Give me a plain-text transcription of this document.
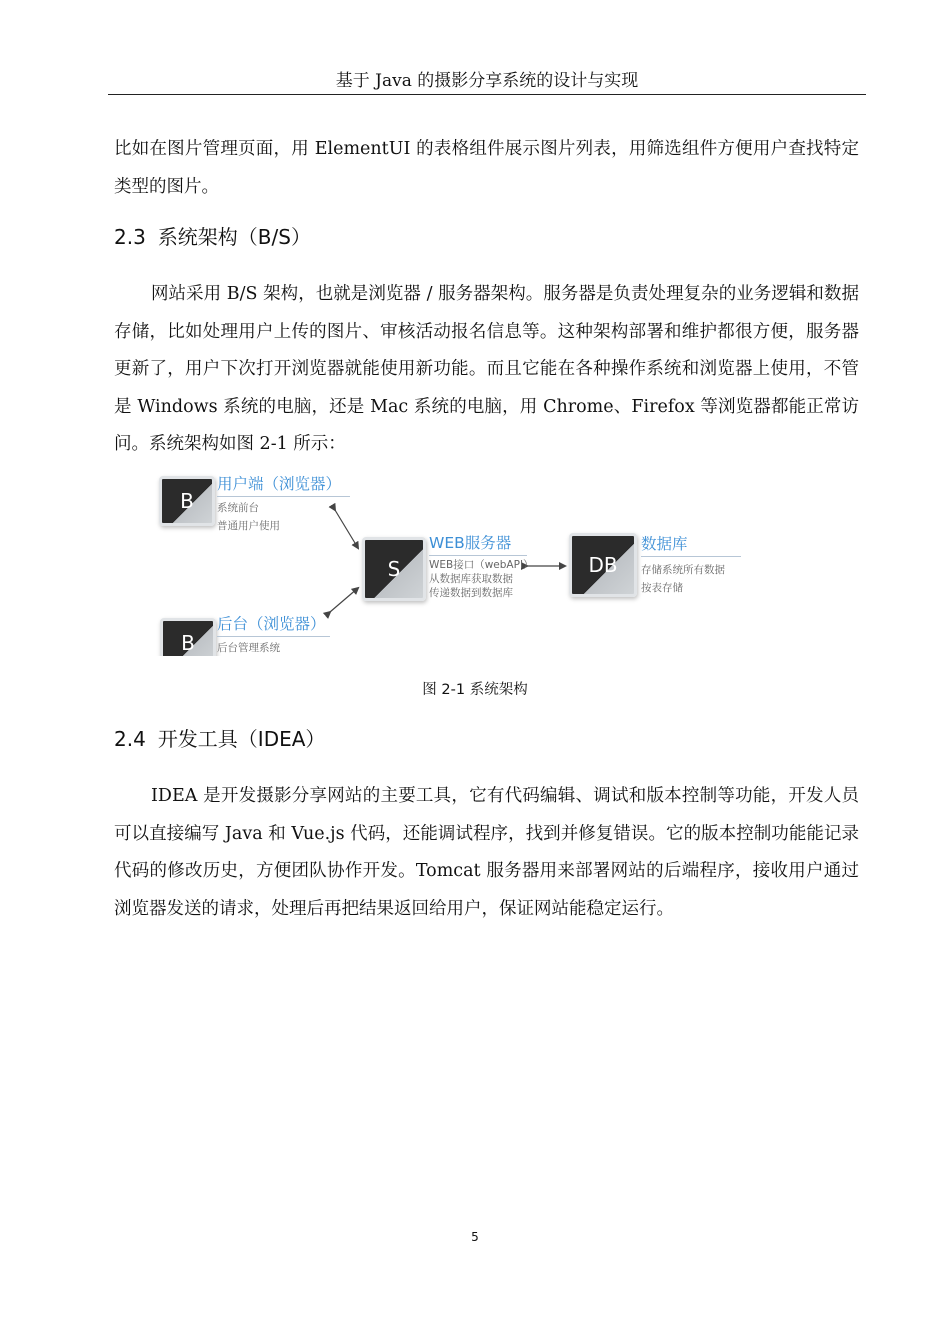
基于 Java 的摄影分享系统的设计与实现

比如在图片管理页面，用 ElementUI 的表格组件展示图片列表，用筛选组件方便用户查找特定类型的图片。

2.3 系统架构（B/S）

网站采用 B/S 架构，也就是浏览器 / 服务器架构。服务器是负责处理复杂的业务逻辑和数据存储，比如处理用户上传的图片、审核活动报名信息等。这种架构部署和维护都很方便，服务器更新了，用户下次打开浏览器就能使用新功能。而且它能在各种操作系统和浏览器上使用，不管是 Windows 系统的电脑，还是 Mac 系统的电脑，用 Chrome、Firefox 等浏览器都能正常访问。系统架构如图 2-1 所示：

B
用户端（浏览器）
系统前台
普通用户使用
S
WEB服务器
WEB接口（webAPI）
从数据库获取数据
传递数据到数据库
DB
数据库
存储系统所有数据
按表存储
B
后台（浏览器）
后台管理系统
图 2-1 系统架构
2.4 开发工具（IDEA）

IDEA 是开发摄影分享网站的主要工具，它有代码编辑、调试和版本控制等功能，开发人员可以直接编写 Java 和 Vue.js 代码，还能调试程序，找到并修复错误。它的版本控制功能能记录代码的修改历史，方便团队协作开发。Tomcat 服务器用来部署网站的后端程序，接收用户通过浏览器发送的请求，处理后再把结果返回给用户，保证网站能稳定运行。

5
